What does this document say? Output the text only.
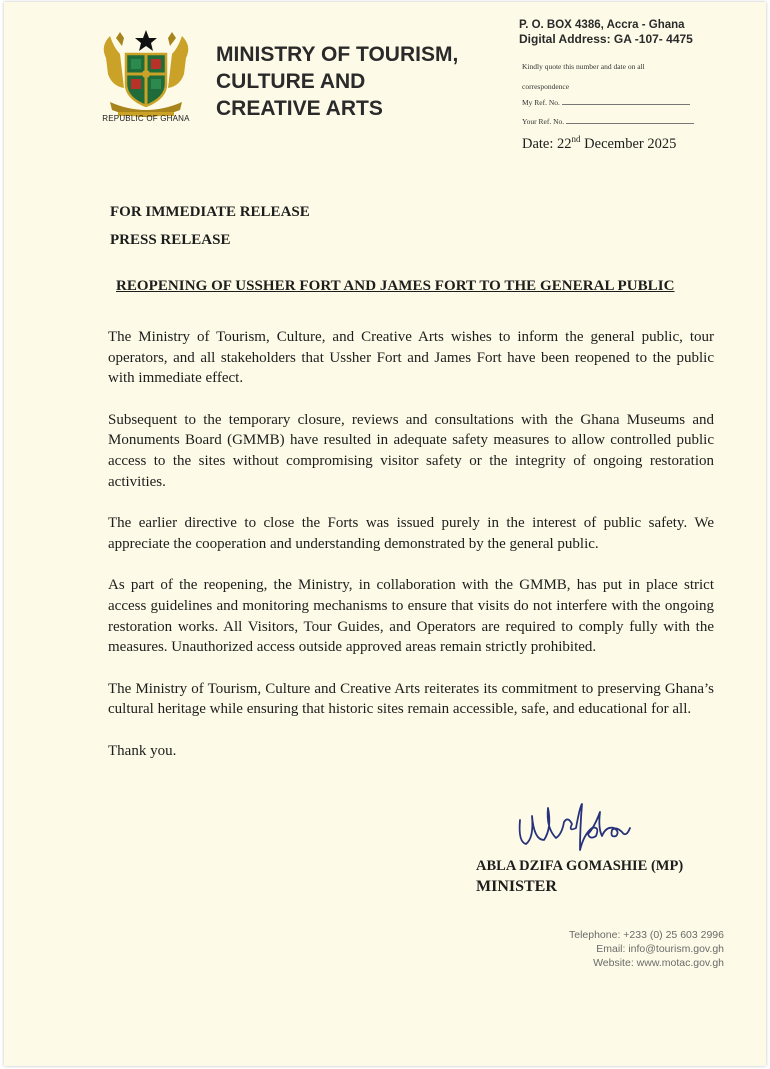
REPUBLIC OF GHANA
MINISTRY OF TOURISM,
CULTURE AND
CREATIVE ARTS
P. O. BOX 4386, Accra - Ghana
Digital Address: GA -107- 4475
Kindly quote this number and date on all
correspondence
My Ref. No.
Your Ref. No.
Date: 22nd December 2025
FOR IMMEDIATE RELEASE
PRESS RELEASE
REOPENING OF USSHER FORT AND JAMES FORT TO THE GENERAL PUBLIC

The Ministry of Tourism, Culture, and Creative Arts wishes to inform the general public, tour operators, and all stakeholders that Ussher Fort and James Fort have been reopened to the public with immediate effect.

Subsequent to the temporary closure, reviews and consultations with the Ghana Museums and Monuments Board (GMMB) have resulted in adequate safety measures to allow controlled public access to the sites without compromising visitor safety or the integrity of ongoing restoration activities.

The earlier directive to close the Forts was issued purely in the interest of public safety. We appreciate the cooperation and understanding demonstrated by the general public.

As part of the reopening, the Ministry, in collaboration with the GMMB, has put in place strict access guidelines and monitoring mechanisms to ensure that visits do not interfere with the ongoing restoration works. All Visitors, Tour Guides, and Operators are required to comply fully with the measures. Unauthorized access outside approved areas remain strictly prohibited.

The Ministry of Tourism, Culture and Creative Arts reiterates its commitment to preserving Ghana’s cultural heritage while ensuring that historic sites remain accessible, safe, and educational for all.

Thank you.

ABLA DZIFA GOMASHIE (MP)
MINISTER
Telephone: +233 (0) 25 603 2996
Email: info@tourism.gov.gh
Website: www.motac.gov.gh
